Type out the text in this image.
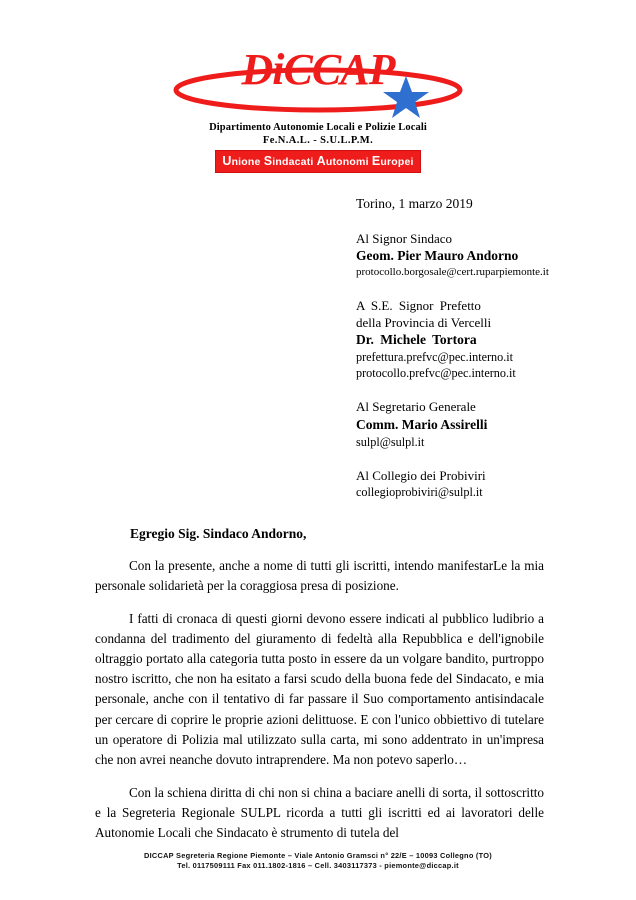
DiCCAP
Dipartimento Autonomie Locali e Polizie Locali
Fe.N.A.L. - S.U.L.P.M.
Unione Sindacati Autonomi Europei
Torino, 1 marzo 2019
Al Signor Sindaco
Geom. Pier Mauro Andorno
protocollo.borgosale@cert.ruparpiemonte.it
A S.E. Signor Prefetto
della Provincia di Vercelli
Dr. Michele Tortora
prefettura.prefvc@pec.interno.it
protocollo.prefvc@pec.interno.it
Al Segretario Generale
Comm. Mario Assirelli
sulpl@sulpl.it
Al Collegio dei Probiviri
collegioprobiviri@sulpl.it
Egregio Sig. Sindaco Andorno,

Con la presente, anche a nome di tutti gli iscritti, intendo manifestarLe la mia personale solidarietà per la coraggiosa presa di posizione.

I fatti di cronaca di questi giorni devono essere indicati al pubblico ludibrio a condanna del tradimento del giuramento di fedeltà alla Repubblica e dell'ignobile oltraggio portato alla categoria tutta posto in essere da un volgare bandito, purtroppo nostro iscritto, che non ha esitato a farsi scudo della buona fede del Sindacato, e mia personale, anche con il tentativo di far passare il Suo comportamento antisindacale per cercare di coprire le proprie azioni delittuose. E con l'unico obbiettivo di tutelare un operatore di Polizia mal utilizzato sulla carta, mi sono addentrato in un'impresa che non avrei neanche dovuto intraprendere. Ma non potevo saperlo…

Con la schiena diritta di chi non si china a baciare anelli di sorta, il sottoscritto e la Segreteria Regionale SULPL ricorda a tutti gli iscritti ed ai lavoratori delle Autonomie Locali che Sindacato è strumento di tutela del

DICCAP Segreteria Regione Piemonte – Viale Antonio Gramsci n° 22/E – 10093 Collegno (TO)
Tel. 0117509111 Fax 011.1802-1816 – Cell. 3403117373 - piemonte@diccap.it
